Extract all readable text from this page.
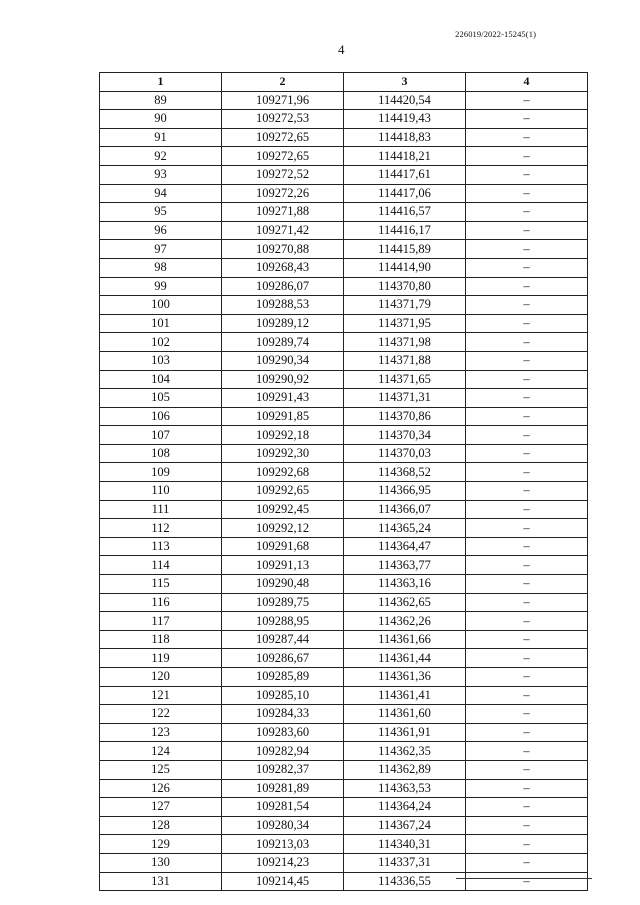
226019/2022-15245(1)
4
1	2	3	4
89	109271,96	114420,54	–
90	109272,53	114419,43	–
91	109272,65	114418,83	–
92	109272,65	114418,21	–
93	109272,52	114417,61	–
94	109272,26	114417,06	–
95	109271,88	114416,57	–
96	109271,42	114416,17	–
97	109270,88	114415,89	–
98	109268,43	114414,90	–
99	109286,07	114370,80	–
100	109288,53	114371,79	–
101	109289,12	114371,95	–
102	109289,74	114371,98	–
103	109290,34	114371,88	–
104	109290,92	114371,65	–
105	109291,43	114371,31	–
106	109291,85	114370,86	–
107	109292,18	114370,34	–
108	109292,30	114370,03	–
109	109292,68	114368,52	–
110	109292,65	114366,95	–
111	109292,45	114366,07	–
112	109292,12	114365,24	–
113	109291,68	114364,47	–
114	109291,13	114363,77	–
115	109290,48	114363,16	–
116	109289,75	114362,65	–
117	109288,95	114362,26	–
118	109287,44	114361,66	–
119	109286,67	114361,44	–
120	109285,89	114361,36	–
121	109285,10	114361,41	–
122	109284,33	114361,60	–
123	109283,60	114361,91	–
124	109282,94	114362,35	–
125	109282,37	114362,89	–
126	109281,89	114363,53	–
127	109281,54	114364,24	–
128	109280,34	114367,24	–
129	109213,03	114340,31	–
130	109214,23	114337,31	–
131	109214,45	114336,55	–
